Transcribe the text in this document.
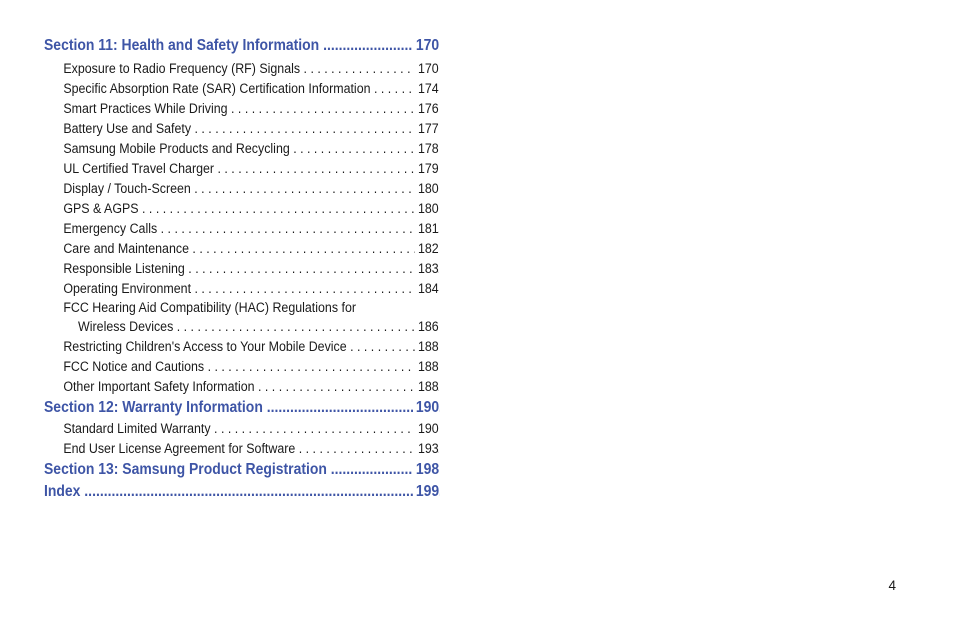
Section 11: Health and Safety Information .....	170
Exposure to Radio Frequency (RF) Signals . . .	170
Specific Absorption Rate (SAR) Certification Information . . .	174
Smart Practices While Driving . . .	176
Battery Use and Safety . . .	177
Samsung Mobile Products and Recycling . . .	178
UL Certified Travel Charger . . .	179
Display / Touch-Screen . . .	180
GPS & AGPS . . .	180
Emergency Calls . . .	181
Care and Maintenance . . .	182
Responsible Listening . . .	183
Operating Environment . . .	184
FCC Hearing Aid Compatibility (HAC) Regulations for
Wireless Devices . . .	186
Restricting Children's Access to Your Mobile Device . . .	188
FCC Notice and Cautions . . .	188
Other Important Safety Information . . .	188
Section 12: Warranty Information .....	190
Standard Limited Warranty . . .	190
End User License Agreement for Software . . .	193
Section 13: Samsung Product Registration .....	198
Index .....	199
4
